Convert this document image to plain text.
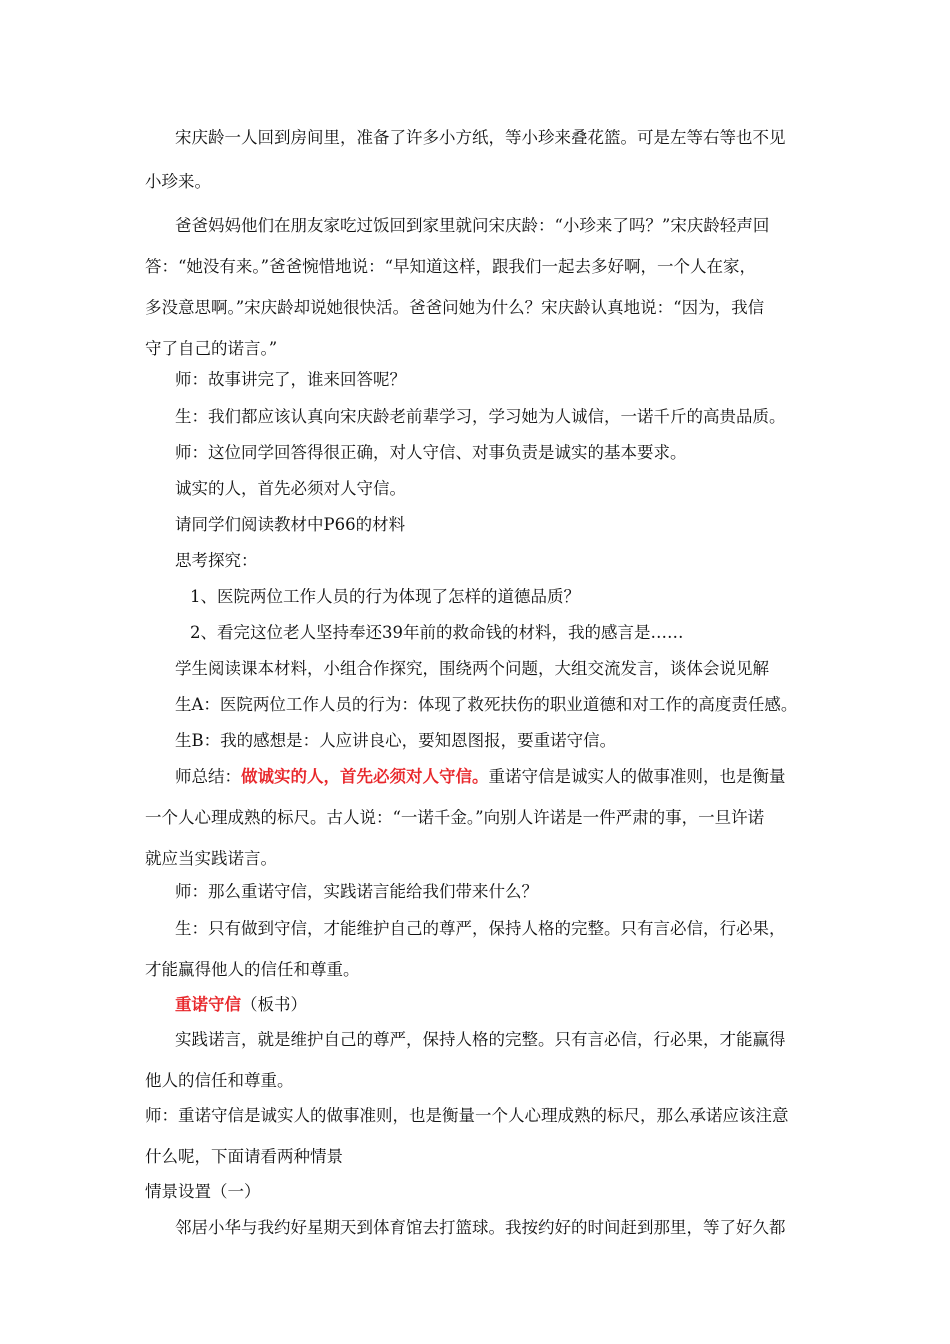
宋庆龄一人回到房间里，准备了许多小方纸，等小珍来叠花篮。可是左等右等也不见

小珍来。

爸爸妈妈他们在朋友家吃过饭回到家里就问宋庆龄：“小珍来了吗？”宋庆龄轻声回

答：“她没有来。”爸爸惋惜地说：“早知道这样，跟我们一起去多好啊，一个人在家，

多没意思啊。”宋庆龄却说她很快活。爸爸问她为什么？宋庆龄认真地说：“因为，我信

守了自己的诺言。”

师：故事讲完了，谁来回答呢？

生：我们都应该认真向宋庆龄老前辈学习，学习她为人诚信，一诺千斤的高贵品质。

师：这位同学回答得很正确，对人守信、对事负责是诚实的基本要求。

诚实的人，首先必须对人守信。

请同学们阅读教材中P66的材料

思考探究：

1、医院两位工作人员的行为体现了怎样的道德品质？

2、看完这位老人坚持奉还39年前的救命钱的材料，我的感言是……

学生阅读课本材料，小组合作探究，围绕两个问题，大组交流发言，谈体会说见解

生A：医院两位工作人员的行为：体现了救死扶伤的职业道德和对工作的高度责任感。

生B：我的感想是：人应讲良心，要知恩图报，要重诺守信。

师总结：做诚实的人，首先必须对人守信。重诺守信是诚实人的做事准则，也是衡量

一个人心理成熟的标尺。古人说：“一诺千金。”向别人许诺是一件严肃的事，一旦许诺

就应当实践诺言。

师：那么重诺守信，实践诺言能给我们带来什么？

生：只有做到守信，才能维护自己的尊严，保持人格的完整。只有言必信，行必果，

才能赢得他人的信任和尊重。

重诺守信（板书）

实践诺言，就是维护自己的尊严，保持人格的完整。只有言必信，行必果，才能赢得

他人的信任和尊重。

师：重诺守信是诚实人的做事准则，也是衡量一个人心理成熟的标尺，那么承诺应该注意

什么呢，下面请看两种情景

情景设置（一）

邻居小华与我约好星期天到体育馆去打篮球。我按约好的时间赶到那里，等了好久都
